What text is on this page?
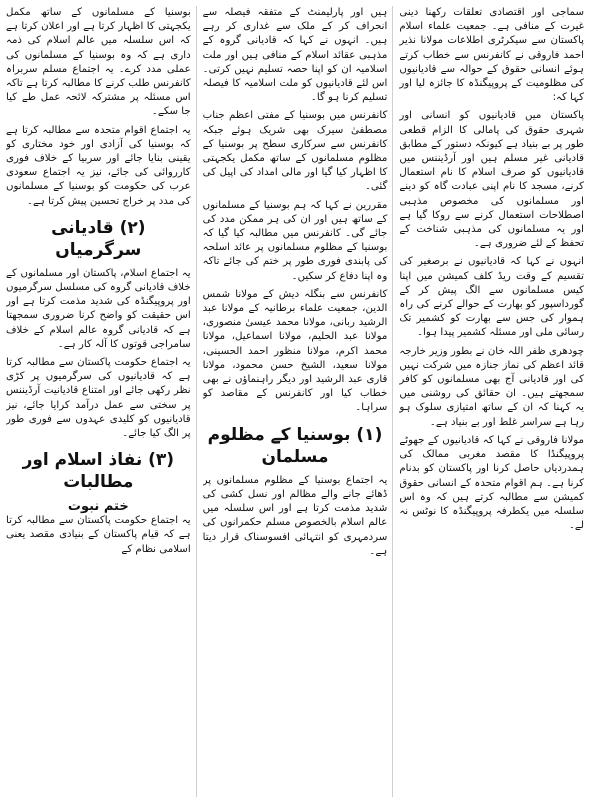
سماجی اور اقتصادی تعلقات رکھنا دینی غیرت کے منافی ہے۔ جمعیت علماء اسلام پاکستان سے سیکرٹری اطلاعات مولانا نذیر احمد فاروقی نے کانفرنس سے خطاب کرتے ہوئے انسانی حقوق کے حوالہ سے قادیانیوں کی مظلومیت کے پروپیگنڈہ کا جائزہ لیا اور کہا کہ:

پاکستان میں قادیانیوں کو انسانی اور شہری حقوق کی پامالی کا الزام قطعی طور پر بے بنیاد ہے کیونکہ دستور کے مطابق قادیانی غیر مسلم ہیں اور آرڈیننس میں قادیانیوں کو صرف اسلام کا نام استعمال کرنے، مسجد کا نام اپنی عبادت گاہ کو دینے اور مسلمانوں کی مخصوص مذہبی اصطلاحات استعمال کرنے سے روکا گیا ہے اور یہ مسلمانوں کی مذہبی شناخت کے تحفظ کے لئے ضروری ہے۔

انہوں نے کہا کہ قادیانیوں نے برصغیر کی تقسیم کے وقت ریڈ کلف کمیشن میں اپنا کیس مسلمانوں سے الگ پیش کر کے گورداسپور کو بھارت کے حوالے کرنے کی راہ ہموار کی جس سے بھارت کو کشمیر تک رسائی ملی اور مسئلہ کشمیر پیدا ہوا۔

چودھری ظفر اللہ خان نے بطور وزیر خارجہ قائد اعظم کی نماز جنازہ میں شرکت نہیں کی اور قادیانی آج بھی مسلمانوں کو کافر سمجھتے ہیں۔ ان حقائق کی روشنی میں یہ کہنا کہ ان کے ساتھ امتیازی سلوک ہو رہا ہے سراسر غلط اور بے بنیاد ہے۔

مولانا فاروقی نے کہا کہ قادیانیوں کے جھوٹے پروپیگنڈا کا مقصد مغربی ممالک کی ہمدردیاں حاصل کرنا اور پاکستان کو بدنام کرنا ہے۔ ہم اقوام متحدہ کے انسانی حقوق کمیشن سے مطالبہ کرتے ہیں کہ وہ اس سلسلہ میں یکطرفہ پروپیگنڈہ کا نوٹس نہ لے۔

ہیں اور پارلیمنٹ کے متفقہ فیصلہ سے انحراف کر کے ملک سے غداری کر رہے ہیں۔ انہوں نے کہا کہ قادیانی گروہ کے مذہبی عقائد اسلام کے منافی ہیں اور ملت اسلامیہ ان کو اپنا حصہ تسلیم نہیں کرتی۔ اس لئے قادیانیوں کو ملت اسلامیہ کا فیصلہ تسلیم کرنا ہو گا۔

کانفرنس میں بوسنیا کے مفتی اعظم جناب مصطفیٰ سیرک بھی شریک ہوئے جبکہ کانفرنس سے سرکاری سطح پر بوسنیا کے مظلوم مسلمانوں کے ساتھ مکمل یکجہتی کا اظہار کیا گیا اور مالی امداد کی اپیل کی گئی۔

مقررین نے کہا کہ ہم بوسنیا کے مسلمانوں کے ساتھ ہیں اور ان کی ہر ممکن مدد کی جائے گی۔ کانفرنس میں مطالبہ کیا گیا کہ بوسنیا کے مظلوم مسلمانوں پر عائد اسلحہ کی پابندی فوری طور پر ختم کی جائے تاکہ وہ اپنا دفاع کر سکیں۔

کانفرنس سے بنگلہ دیش کے مولانا شمس الدین، جمعیت علماء برطانیہ کے مولانا عبد الرشید ربانی، مولانا محمد عیسیٰ منصوری، مولانا عبد الحلیم، مولانا اسماعیل، مولانا محمد اکرم، مولانا منظور احمد الحسینی، مولانا سعید، الشیخ حسن محمود، مولانا قاری عبد الرشید اور دیگر راہنماؤں نے بھی خطاب کیا اور کانفرنس کے مقاصد کو سراہا۔

(۱) بوسنیا کے مظلوم مسلمان

یہ اجتماع بوسنیا کے مظلوم مسلمانوں پر ڈھائے جانے والے مظالم اور نسل کشی کی شدید مذمت کرتا ہے اور اس سلسلہ میں عالم اسلام بالخصوص مسلم حکمرانوں کی سردمہری کو انتہائی افسوسناک قرار دیتا ہے۔

بوسنیا کے مسلمانوں کے ساتھ مکمل یکجہتی کا اظہار کرتا ہے اور اعلان کرتا ہے کہ اس سلسلہ میں عالم اسلام کی ذمہ داری ہے کہ وہ بوسنیا کے مسلمانوں کی عملی مدد کرے۔ یہ اجتماع مسلم سربراہ کانفرنس طلب کرنے کا مطالبہ کرتا ہے تاکہ اس مسئلہ پر مشترکہ لائحہ عمل طے کیا جا سکے۔

یہ اجتماع اقوام متحدہ سے مطالبہ کرتا ہے کہ بوسنیا کی آزادی اور خود مختاری کو یقینی بنایا جائے اور سربیا کے خلاف فوری کارروائی کی جائے، نیز یہ اجتماع سعودی عرب کی حکومت کو بوسنیا کے مسلمانوں کی مدد پر خراج تحسین پیش کرتا ہے۔

(۲) قادیانی سرگرمیاں

یہ اجتماع اسلام، پاکستان اور مسلمانوں کے خلاف قادیانی گروہ کی مسلسل سرگرمیوں اور پروپیگنڈہ کی شدید مذمت کرتا ہے اور اس حقیقت کو واضح کرنا ضروری سمجھتا ہے کہ قادیانی گروہ عالم اسلام کے خلاف سامراجی قوتوں کا آلہ کار ہے۔

یہ اجتماع حکومت پاکستان سے مطالبہ کرتا ہے کہ قادیانیوں کی سرگرمیوں پر کڑی نظر رکھی جائے اور امتناع قادیانیت آرڈیننس پر سختی سے عمل درآمد کرایا جائے، نیز قادیانیوں کو کلیدی عہدوں سے فوری طور پر الگ کیا جائے۔

(۳) نفاذ اسلام اور مطالبات
ختم نبوت

یہ اجتماع حکومت پاکستان سے مطالبہ کرتا ہے کہ قیام پاکستان کے بنیادی مقصد یعنی اسلامی نظام کے
